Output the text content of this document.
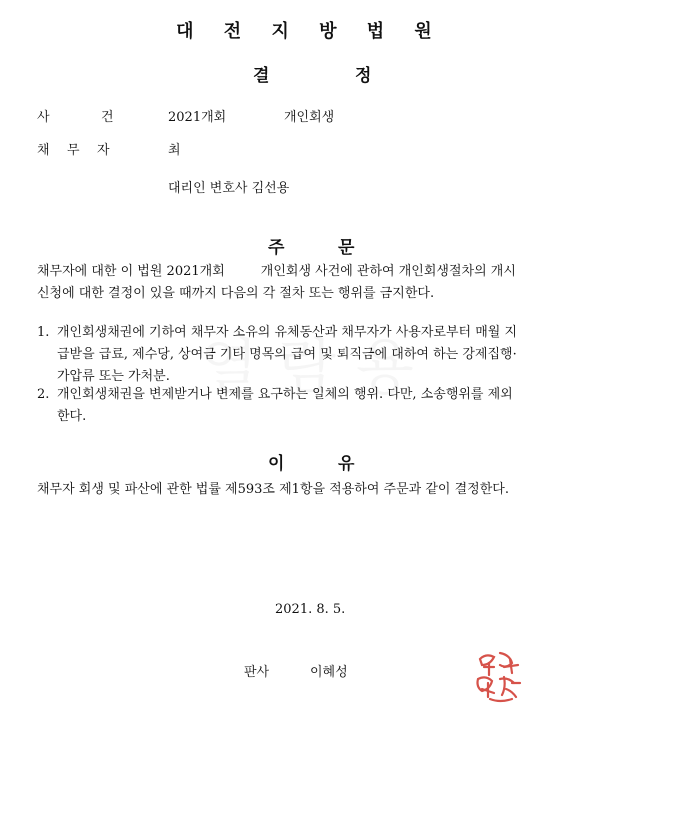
대 전 지 방 법 원
결	정
사	건	2021개회	개인회생
채 무 자	최
대리인 변호사 김선용
주	문
채무자에 대한 이 법원 2021개회	개인회생 사건에 관하여 개인회생절차의 개시
신청에 대한 결정이 있을 때까지 다음의 각 절차 또는 행위를 금지한다.
1. 개인회생채권에 기하여 채무자 소유의 유체동산과 채무자가 사용자로부터 매월 지
급받을 급료, 제수당, 상여금 기타 명목의 급여 및 퇴직금에 대하여 하는 강제집행·
가압류 또는 가처분.
2. 개인회생채권을 변제받거나 변제를 요구하는 일체의 행위. 다만, 소송행위를 제외
한다.
이	유
채무자 회생 및 파산에 관한 법률 제593조 제1항을 적용하여 주문과 같이 결정한다.
2021. 8. 5.
판사	이혜성
